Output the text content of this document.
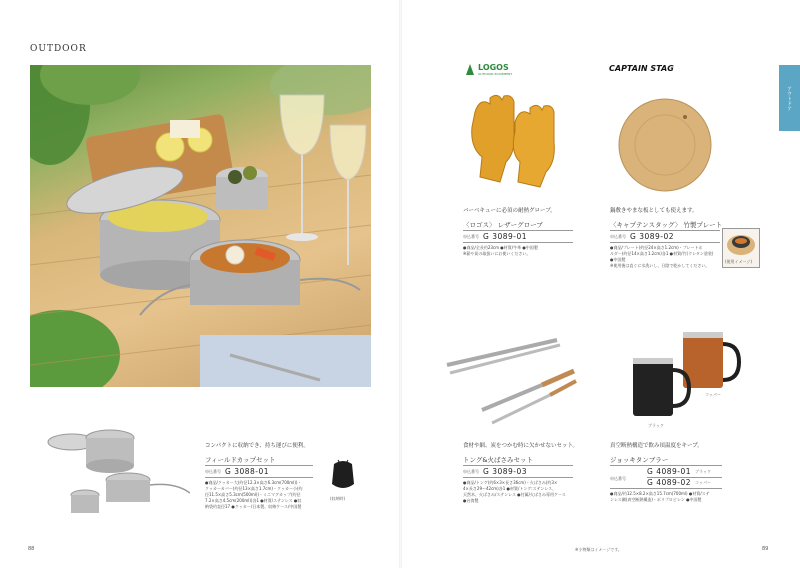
OUTDOOR
アウトドア
LOGOS
OUTDOOR EQUIPMENT
バーベキューに必須の耐熱グローブ。
〈ロゴス〉 レザーグローブ
申込番号 G 3089-01
●商品/全長約23cm ●材質/牛革 ●中国製
※薪や炭の取扱いにお使いください。
CAPTAIN STAG
鍋敷きやまな板としても使えます。
〈キャプテンスタッグ〉 竹製プレート
申込番号 G 3089-02
●商品/プレート(約径24×高さ1.2cm)・プレートホ
ルダー(約径14×高さ1.2cm)各1 ●材質/竹(ウレタン塗装)
●中国製
※使用後は直ぐに水洗いし、日陰で乾かしてください。
(使用イメージ)
(収納時)
コンパクトに収納でき、持ち運びに便利。
フィールドカップセット
申込番号 G 3088-01
●商品/クッカー大(約径12.3×高さ6.3cm(700ml))・
クッカーカバー(約径13×高さ1.7cm)・クッカー小(約
径11.5×高さ5.3cm(500ml))・ミニマグカップ(約径
7.2×高さ4.5cm(200ml))各1 ●材質/ステンレス ●収
納袋約直径17 ●クッカー/日本製、収納ケース/中国製
食材や網、炭をつかむ時に欠かせないセット。
トング&火ばさみセット
申込番号 G 3089-03
●商品/トング(約6×3×長さ36cm)・火ばさみ(約3×
4×長さ29〜42cm)各1 ●材質/トング:ステンレス、
天然木、火ばさみ/ステンレス ●付属/火ばさみ専用ケース
●台湾製
コッパー
ブラック
真空断熱構造で飲み頃温度をキープ。
ジョッキタンブラー
申込番号
G 4089-01 ブラック
G 4089-02 コッパー
●商品/約12.5×8.2×高さ15.7cm(700ml) ●材質/ステ
ンレス鋼(真空断熱構造)・ポリプロピレン ●中国製
88	※小物類はイメージです。	89
